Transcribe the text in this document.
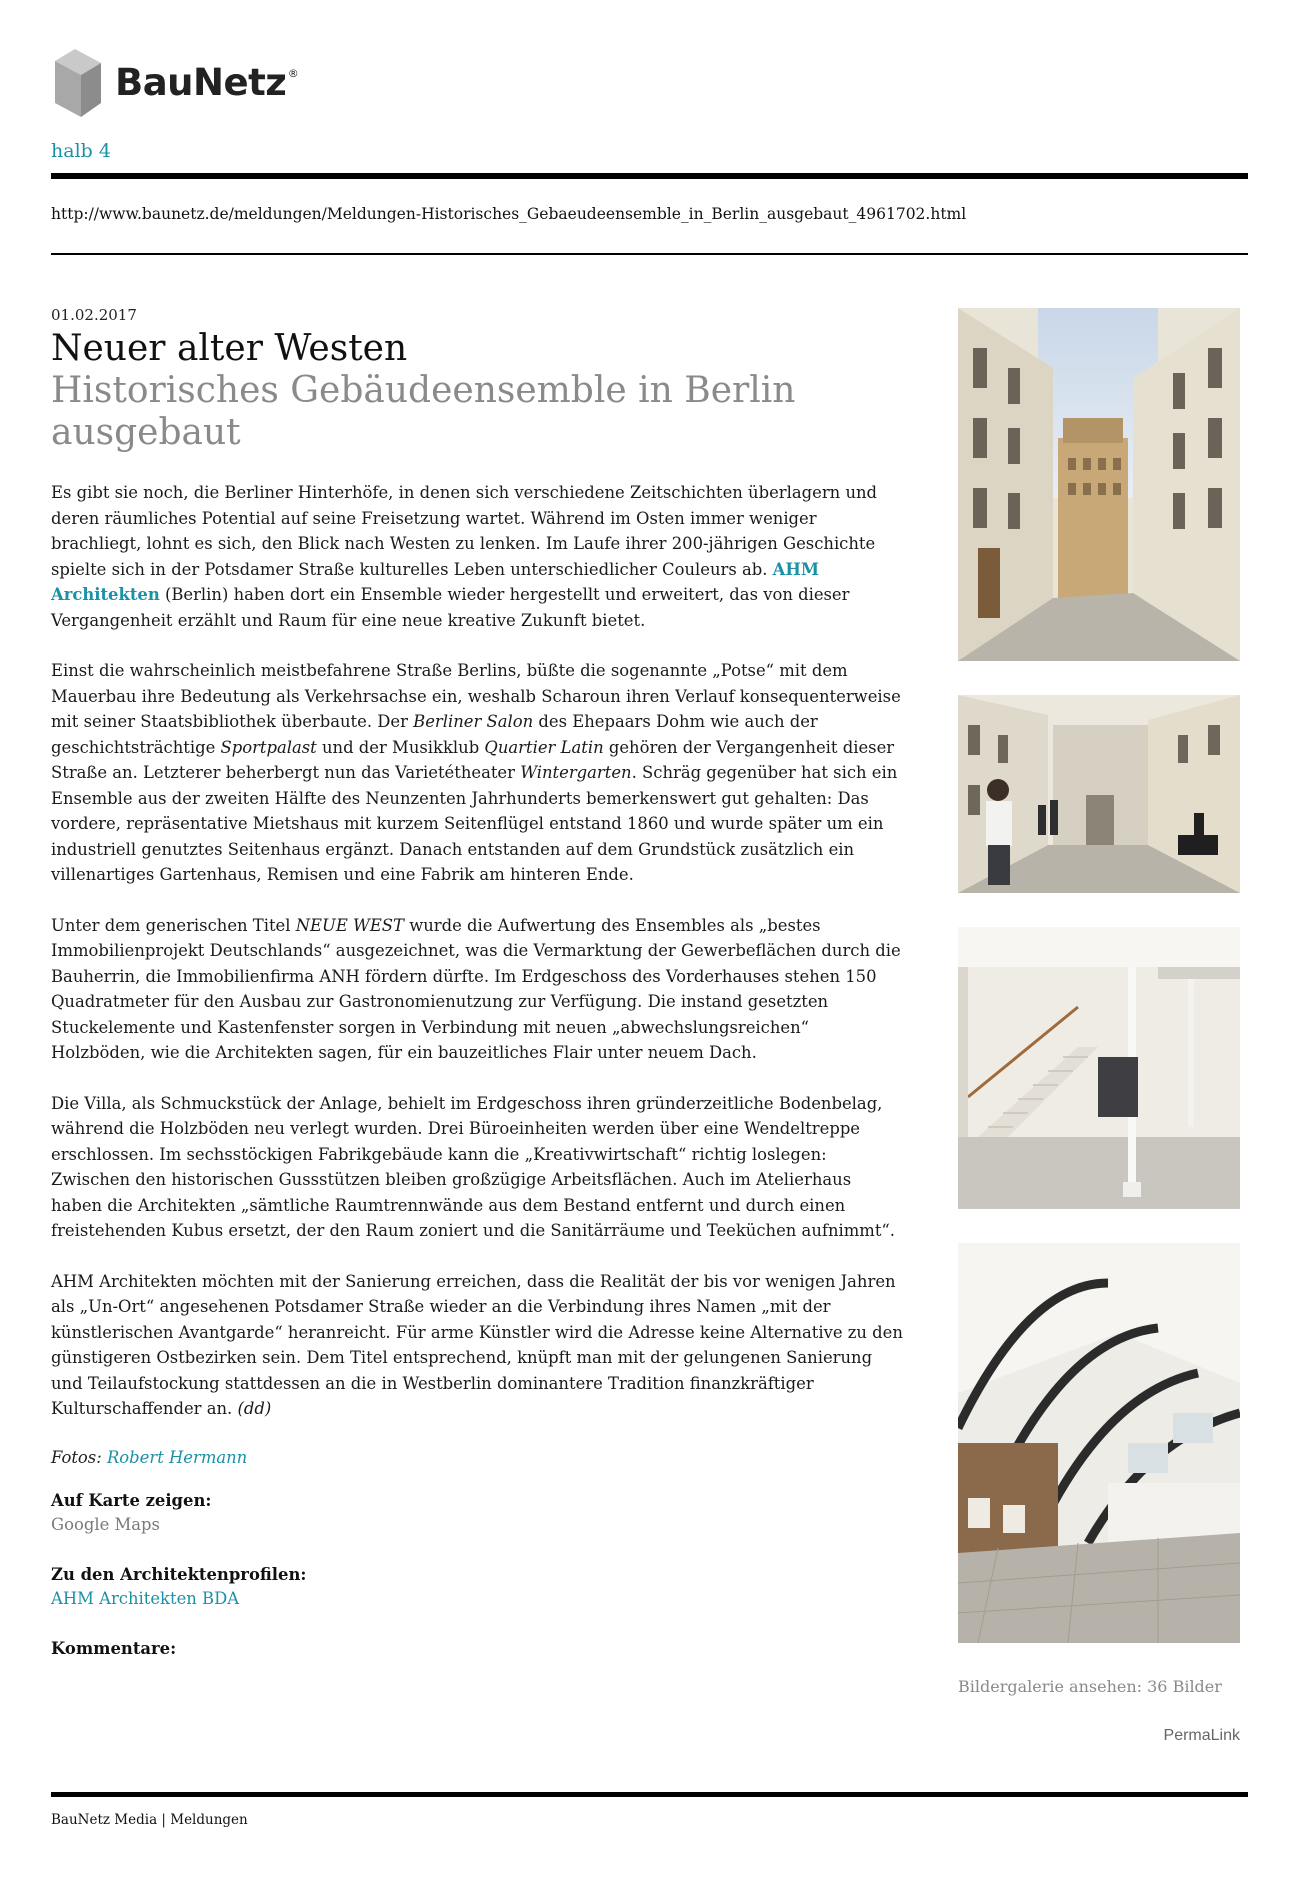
BauNetz ®
halb 4
http://www.baunetz.de/meldungen/Meldungen-Historisches_Gebaeudeensemble_in_Berlin_ausgebaut_4961702.html
01.02.2017
Neuer alter Westen
Historisches Gebäudeensemble in Berlin ausgebaut

Es gibt sie noch, die Berliner Hinterhöfe, in denen sich verschiedene Zeitschichten überlagern und deren räumliches Potential auf seine Freisetzung wartet. Während im Osten immer weniger brachliegt, lohnt es sich, den Blick nach Westen zu lenken. Im Laufe ihrer 200-jährigen Geschichte spielte sich in der Potsdamer Straße kulturelles Leben unterschiedlicher Couleurs ab. AHM Architekten (Berlin) haben dort ein Ensemble wieder hergestellt und erweitert, das von dieser Vergangenheit erzählt und Raum für eine neue kreative Zukunft bietet.

Einst die wahrscheinlich meistbefahrene Straße Berlins, büßte die sogenannte „Potse“ mit dem Mauerbau ihre Bedeutung als Verkehrsachse ein, weshalb Scharoun ihren Verlauf konsequenterweise mit seiner Staatsbibliothek überbaute. Der Berliner Salon des Ehepaars Dohm wie auch der geschichtsträchtige Sportpalast und der Musikklub Quartier Latin gehören der Vergangenheit dieser Straße an. Letzterer beherbergt nun das Varietétheater Wintergarten. Schräg gegenüber hat sich ein Ensemble aus der zweiten Hälfte des Neunzenten Jahrhunderts bemerkenswert gut gehalten: Das vordere, repräsentative Mietshaus mit kurzem Seitenflügel entstand 1860 und wurde später um ein industriell genutztes Seitenhaus ergänzt. Danach entstanden auf dem Grundstück zusätzlich ein villenartiges Gartenhaus, Remisen und eine Fabrik am hinteren Ende.

Unter dem generischen Titel NEUE WEST wurde die Aufwertung des Ensembles als „bestes Immobilienprojekt Deutschlands“ ausgezeichnet, was die Vermarktung der Gewerbeflächen durch die Bauherrin, die Immobilienfirma ANH fördern dürfte. Im Erdgeschoss des Vorderhauses stehen 150 Quadratmeter für den Ausbau zur Gastronomienutzung zur Verfügung. Die instand gesetzten Stuckelemente und Kastenfenster sorgen in Verbindung mit neuen „abwechslungsreichen“ Holzböden, wie die Architekten sagen, für ein bauzeitliches Flair unter neuem Dach.

Die Villa, als Schmuckstück der Anlage, behielt im Erdgeschoss ihren gründerzeitliche Bodenbelag, während die Holzböden neu verlegt wurden. Drei Büroeinheiten werden über eine Wendeltreppe erschlossen. Im sechsstöckigen Fabrikgebäude kann die „Kreativwirtschaft“ richtig loslegen: Zwischen den historischen Gussstützen bleiben großzügige Arbeitsflächen. Auch im Atelierhaus haben die Architekten „sämtliche Raumtrennwände aus dem Bestand entfernt und durch einen freistehenden Kubus ersetzt, der den Raum zoniert und die Sanitärräume und Teeküchen aufnimmt“.

AHM Architekten möchten mit der Sanierung erreichen, dass die Realität der bis vor wenigen Jahren als „Un-Ort“ angesehenen Potsdamer Straße wieder an die Verbindung ihres Namen „mit der künstlerischen Avantgarde“ heranreicht. Für arme Künstler wird die Adresse keine Alternative zu den günstigeren Ostbezirken sein. Dem Titel entsprechend, knüpft man mit der gelungenen Sanierung und Teilaufstockung stattdessen an die in Westberlin dominantere Tradition finanzkräftiger Kulturschaffender an. (dd)

Fotos: Robert Hermann

Auf Karte zeigen:

Google Maps

Zu den Architektenprofilen:

AHM Architekten BDA

Kommentare:

Bildergalerie ansehen: 36 Bilder
PermaLink
BauNetz Media | Meldungen
